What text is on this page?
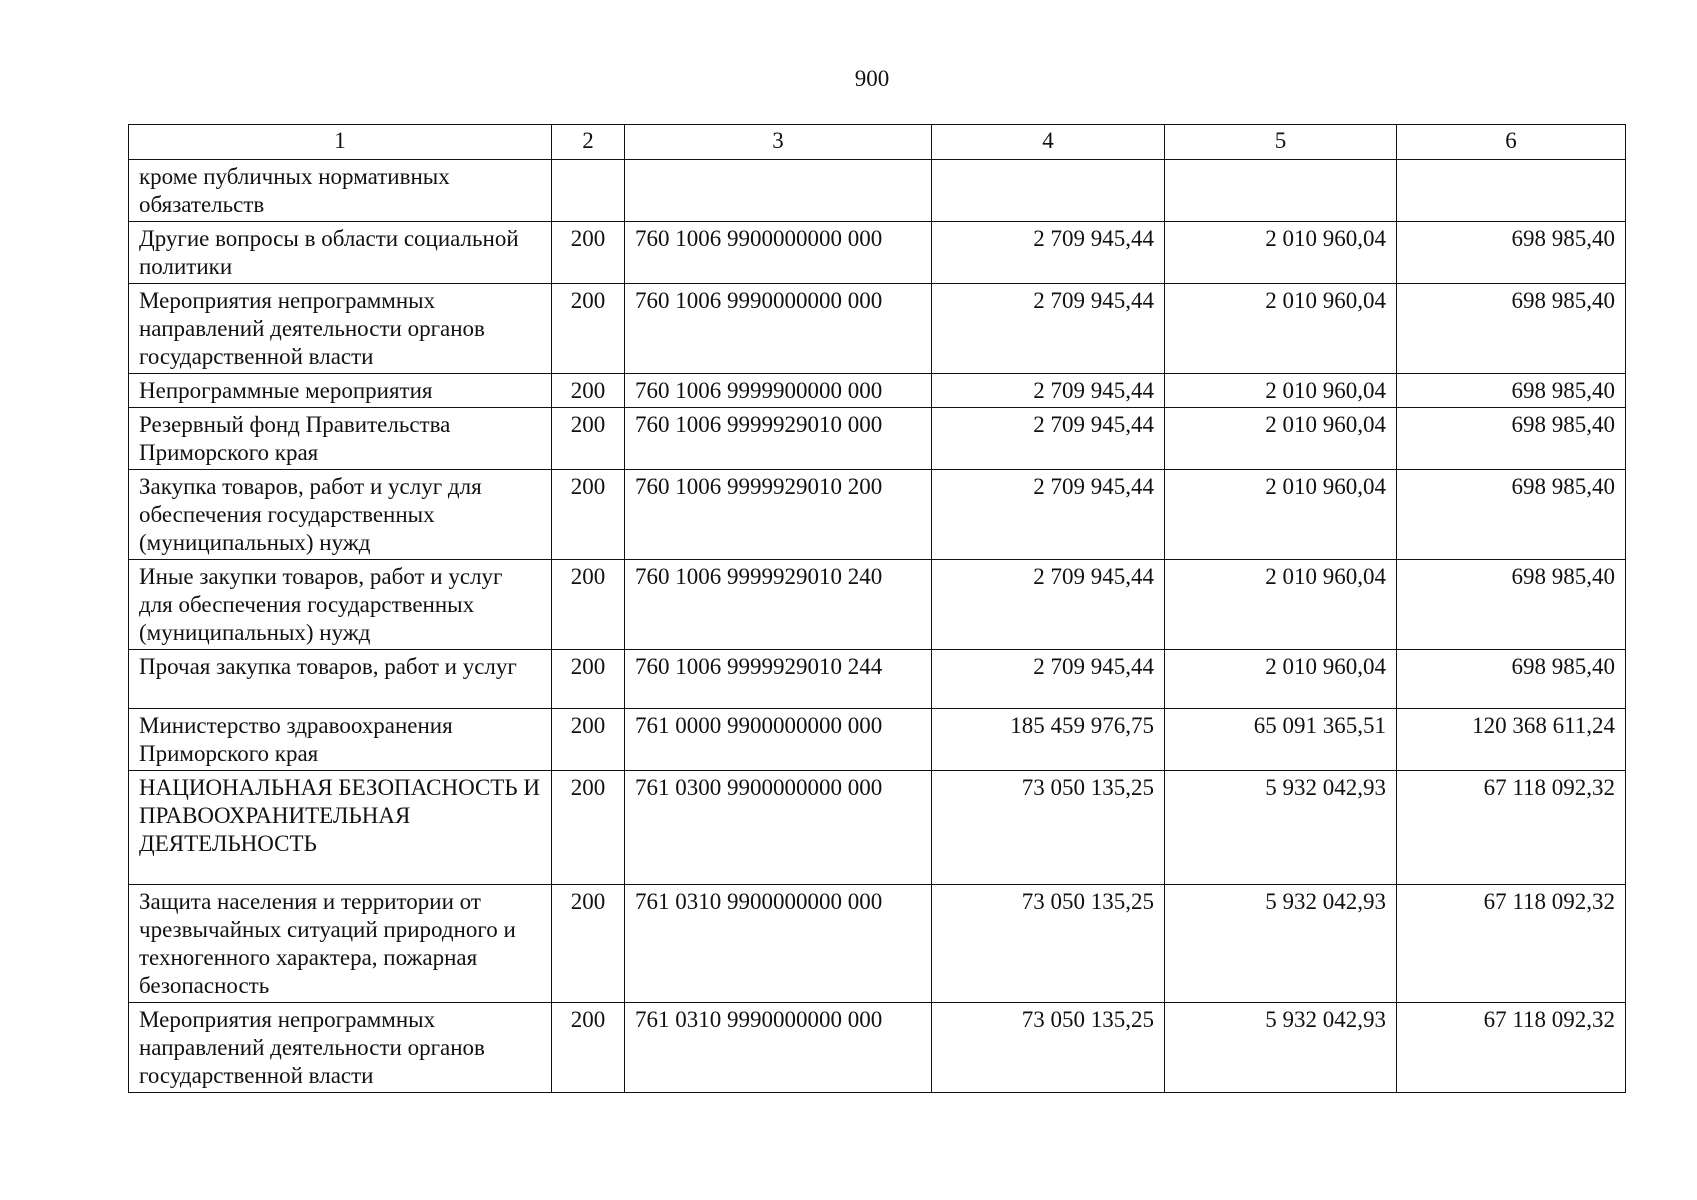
900
1	2	3	4	5	6
кроме публичных нормативных обязательств					
Другие вопросы в области социальной политики	200	760 1006 9900000000 000	2 709 945,44	2 010 960,04	698 985,40
Мероприятия непрограммных направлений деятельности органов государственной власти	200	760 1006 9990000000 000	2 709 945,44	2 010 960,04	698 985,40
Непрограммные мероприятия	200	760 1006 9999900000 000	2 709 945,44	2 010 960,04	698 985,40
Резервный фонд Правительства Приморского края	200	760 1006 9999929010 000	2 709 945,44	2 010 960,04	698 985,40
Закупка товаров, работ и услуг для обеспечения государственных (муниципальных) нужд	200	760 1006 9999929010 200	2 709 945,44	2 010 960,04	698 985,40
Иные закупки товаров, работ и услуг для обеспечения государственных (муниципальных) нужд	200	760 1006 9999929010 240	2 709 945,44	2 010 960,04	698 985,40
Прочая закупка товаров, работ и услуг	200	760 1006 9999929010 244	2 709 945,44	2 010 960,04	698 985,40
Министерство здравоохранения Приморского края	200	761 0000 9900000000 000	185 459 976,75	65 091 365,51	120 368 611,24
НАЦИОНАЛЬНАЯ БЕЗОПАСНОСТЬ И ПРАВООХРАНИТЕЛЬНАЯ ДЕЯТЕЛЬНОСТЬ	200	761 0300 9900000000 000	73 050 135,25	5 932 042,93	67 118 092,32
Защита населения и территории от чрезвычайных ситуаций природного и техногенного характера, пожарная безопасность	200	761 0310 9900000000 000	73 050 135,25	5 932 042,93	67 118 092,32
Мероприятия непрограммных направлений деятельности органов государственной власти	200	761 0310 9990000000 000	73 050 135,25	5 932 042,93	67 118 092,32
